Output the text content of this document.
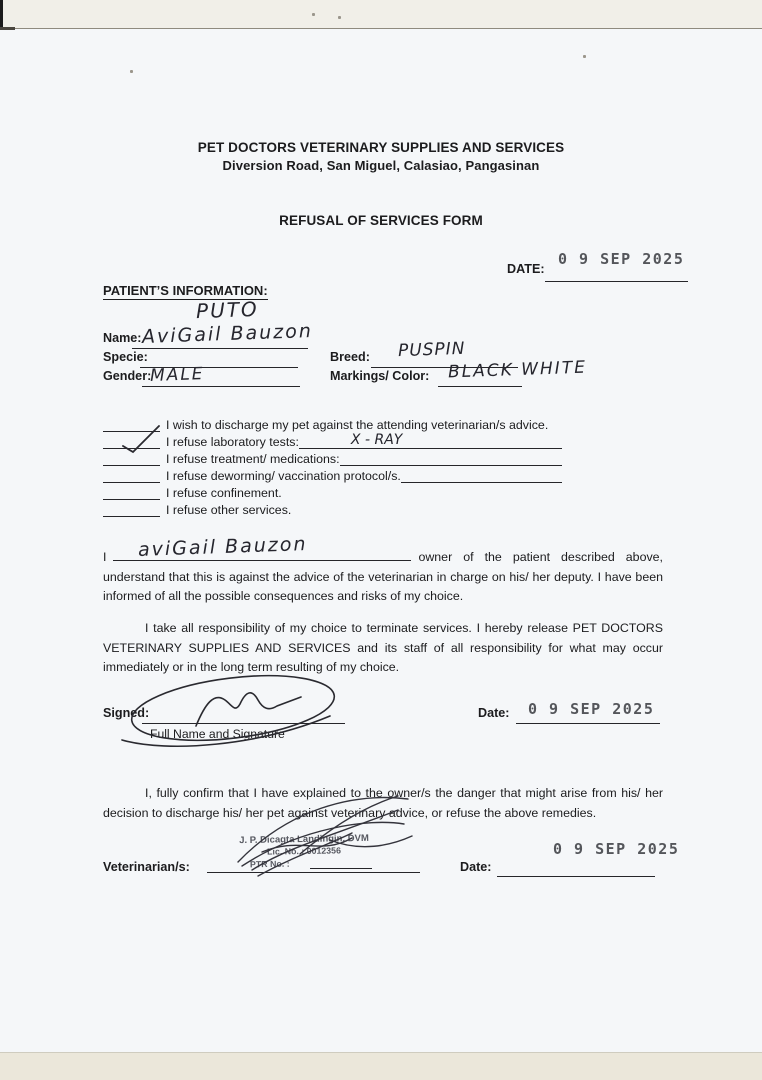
PET DOCTORS VETERINARY SUPPLIES AND SERVICES
Diversion Road, San Miguel, Calasiao, Pangasinan
REFUSAL OF SERVICES FORM
DATE:
0 9 SEP 2025
PATIENT’S INFORMATION:
PUTO
Name: AviGail Bauzon
Specie:	Breed: PUSPIN
Gender:
MALE	Markings/ Color: BLACK WHITE
I wish to discharge my pet against the attending veterinarian/s advice.
I refuse laboratory tests:	X - RAY
I refuse treatment/ medications:
I refuse deworming/ vaccination protocol/s.
I refuse confinement.
I refuse other services.
I aviGail Bauzon	owner of the patient described above, understand that this is against the advice of the veterinarian in charge on his/ her deputy. I have been informed of all the possible consequences and risks of my choice.
I take all responsibility of my choice to terminate services. I hereby release PET DOCTORS VETERINARY SUPPLIES AND SERVICES and its staff of all responsibility for what may occur immediately or in the long term resulting of my choice.
Signed:
Full Name and Signature
Date: 0 9 SEP 2025
I, fully confirm that I have explained to the owner/s the danger that might arise from his/ her decision to discharge his/ her pet against veterinary advice, or refuse the above remedies.
J. P. Dicagta Landingin, DVM
Lic. No. : 0012356
PTR No. :
Veterinarian/s:	Date:
0 9 SEP 2025
